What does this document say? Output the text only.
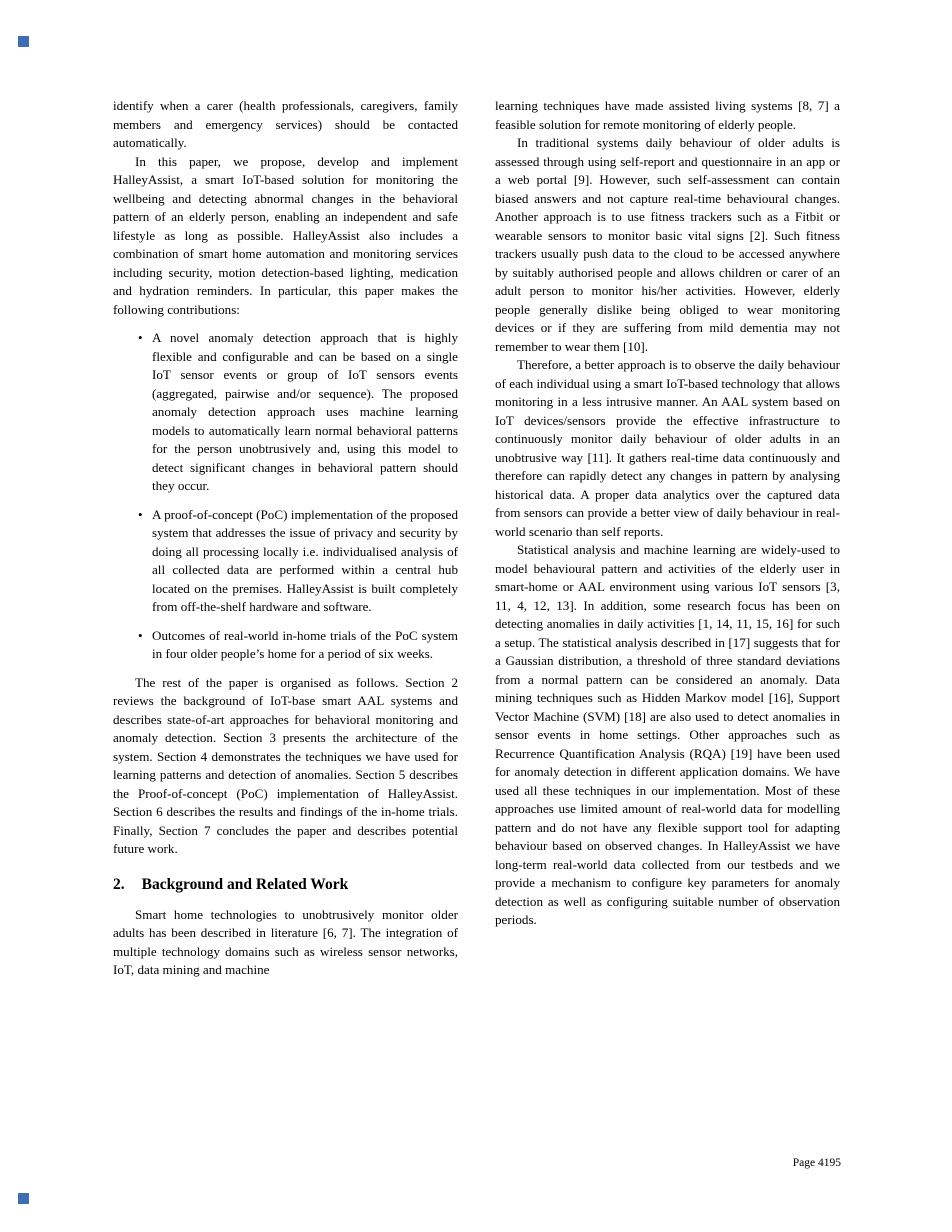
identify when a carer (health professionals, caregivers, family members and emergency services) should be contacted automatically.

In this paper, we propose, develop and implement HalleyAssist, a smart IoT-based solution for monitoring the wellbeing and detecting abnormal changes in the behavioral pattern of an elderly person, enabling an independent and safe lifestyle as long as possible. HalleyAssist also includes a combination of smart home automation and monitoring services including security, motion detection-based lighting, medication and hydration reminders. In particular, this paper makes the following contributions:

• A novel anomaly detection approach that is highly flexible and configurable and can be based on a single IoT sensor events or group of IoT sensors events (aggregated, pairwise and/or sequence). The proposed anomaly detection approach uses machine learning models to automatically learn normal behavioral patterns for the person unobtrusively and, using this model to detect significant changes in behavioral pattern should they occur.
• A proof-of-concept (PoC) implementation of the proposed system that addresses the issue of privacy and security by doing all processing locally i.e. individualised analysis of all collected data are performed within a central hub located on the premises. HalleyAssist is built completely from off-the-shelf hardware and software.
• Outcomes of real-world in-home trials of the PoC system in four older people’s home for a period of six weeks.

The rest of the paper is organised as follows. Section 2 reviews the background of IoT-base smart AAL systems and describes state-of-art approaches for behavioral monitoring and anomaly detection. Section 3 presents the architecture of the system. Section 4 demonstrates the techniques we have used for learning patterns and detection of anomalies. Section 5 describes the Proof-of-concept (PoC) implementation of HalleyAssist. Section 6 describes the results and findings of the in-home trials. Finally, Section 7 concludes the paper and describes potential future work.

2. Background and Related Work

Smart home technologies to unobtrusively monitor older adults has been described in literature [6, 7]. The integration of multiple technology domains such as wireless sensor networks, IoT, data mining and machine

learning techniques have made assisted living systems [8, 7] a feasible solution for remote monitoring of elderly people.

In traditional systems daily behaviour of older adults is assessed through using self-report and questionnaire in an app or a web portal [9]. However, such self-assessment can contain biased answers and not capture real-time behavioural changes. Another approach is to use fitness trackers such as a Fitbit or wearable sensors to monitor basic vital signs [2]. Such fitness trackers usually push data to the cloud to be accessed anywhere by suitably authorised people and allows children or carer of an adult person to monitor his/her activities. However, elderly people generally dislike being obliged to wear monitoring devices or if they are suffering from mild dementia may not remember to wear them [10].

Therefore, a better approach is to observe the daily behaviour of each individual using a smart IoT-based technology that allows monitoring in a less intrusive manner. An AAL system based on IoT devices/sensors provide the effective infrastructure to continuously monitor daily behaviour of older adults in an unobtrusive way [11]. It gathers real-time data continuously and therefore can rapidly detect any changes in pattern by analysing historical data. A proper data analytics over the captured data from sensors can provide a better view of daily behaviour in real-world scenario than self reports.

Statistical analysis and machine learning are widely-used to model behavioural pattern and activities of the elderly user in smart-home or AAL environment using various IoT sensors [3, 11, 4, 12, 13]. In addition, some research focus has been on detecting anomalies in daily activities [1, 14, 11, 15, 16] for such a setup. The statistical analysis described in [17] suggests that for a Gaussian distribution, a threshold of three standard deviations from a normal pattern can be considered an anomaly. Data mining techniques such as Hidden Markov model [16], Support Vector Machine (SVM) [18] are also used to detect anomalies in sensor events in home settings. Other approaches such as Recurrence Quantification Analysis (RQA) [19] have been used for anomaly detection in different application domains. We have used all these techniques in our implementation. Most of these approaches use limited amount of real-world data for modelling pattern and do not have any flexible support tool for adapting behaviour based on observed changes. In HalleyAssist we have long-term real-world data collected from our testbeds and we provide a mechanism to configure key parameters for anomaly detection as well as configuring suitable number of observation periods.

Page 4195
